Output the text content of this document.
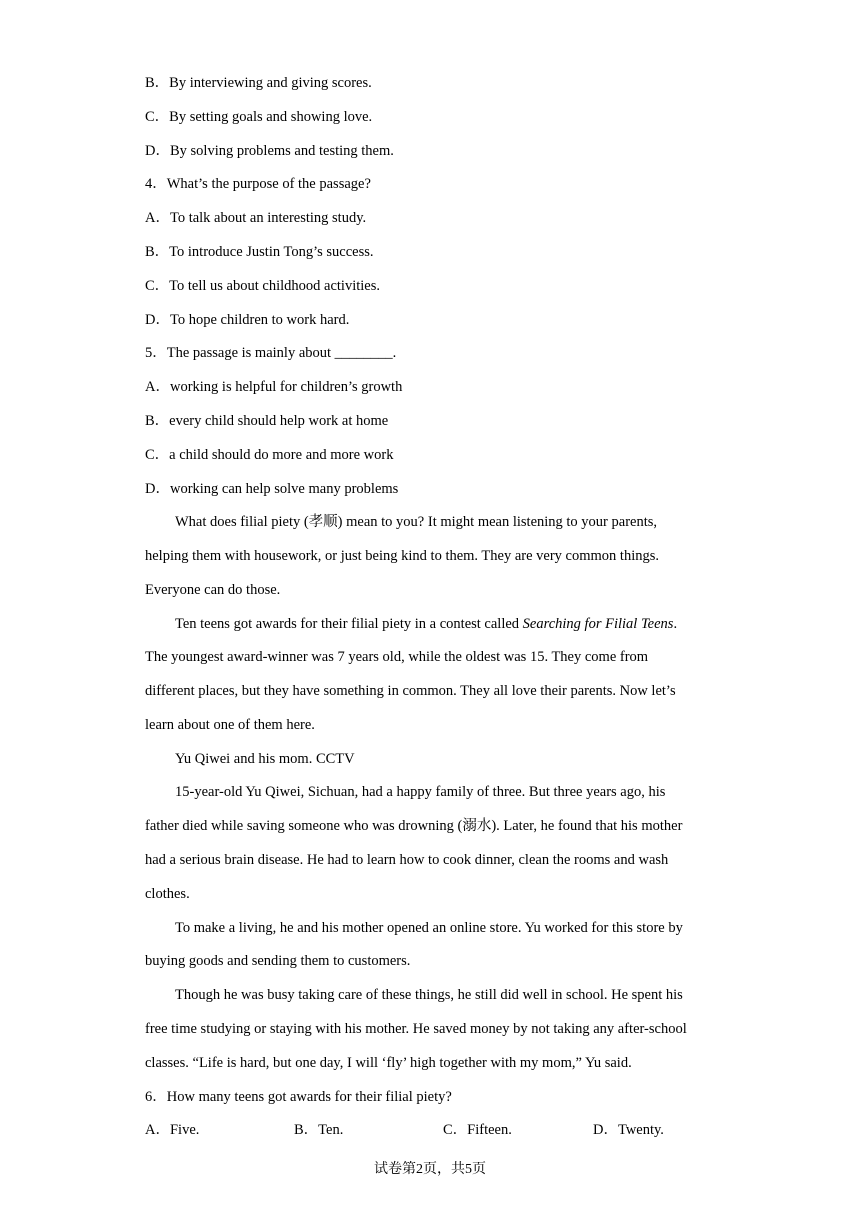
B．By interviewing and giving scores.
C．By setting goals and showing love.
D．By solving problems and testing them.
4．What’s the purpose of the passage?
A．To talk about an interesting study.
B．To introduce Justin Tong’s success.
C．To tell us about childhood activities.
D．To hope children to work hard.
5．The passage is mainly about ________.
A．working is helpful for children’s growth
B．every child should help work at home
C．a child should do more and more work
D．working can help solve many problems
What does filial piety (孝顺) mean to you? It might mean listening to your parents,
helping them with housework, or just being kind to them. They are very common things.
Everyone can do those.
Ten teens got awards for their filial piety in a contest called Searching for Filial Teens.
The youngest award-winner was 7 years old, while the oldest was 15. They come from
different places, but they have something in common. They all love their parents. Now let’s
learn about one of them here.
Yu Qiwei and his mom. CCTV
15-year-old Yu Qiwei, Sichuan, had a happy family of three. But three years ago, his
father died while saving someone who was drowning (溺水). Later, he found that his mother
had a serious brain disease. He had to learn how to cook dinner, clean the rooms and wash
clothes.
To make a living, he and his mother opened an online store. Yu worked for this store by
buying goods and sending them to customers.
Though he was busy taking care of these things, he still did well in school. He spent his
free time studying or staying with his mother. He saved money by not taking any after-school
classes. “Life is hard, but one day, I will ‘fly’ high together with my mom,” Yu said.
6．How many teens got awards for their filial piety?
A．Five.	B．Ten.	C．Fifteen.	D．Twenty.
试卷第2页，共5页
